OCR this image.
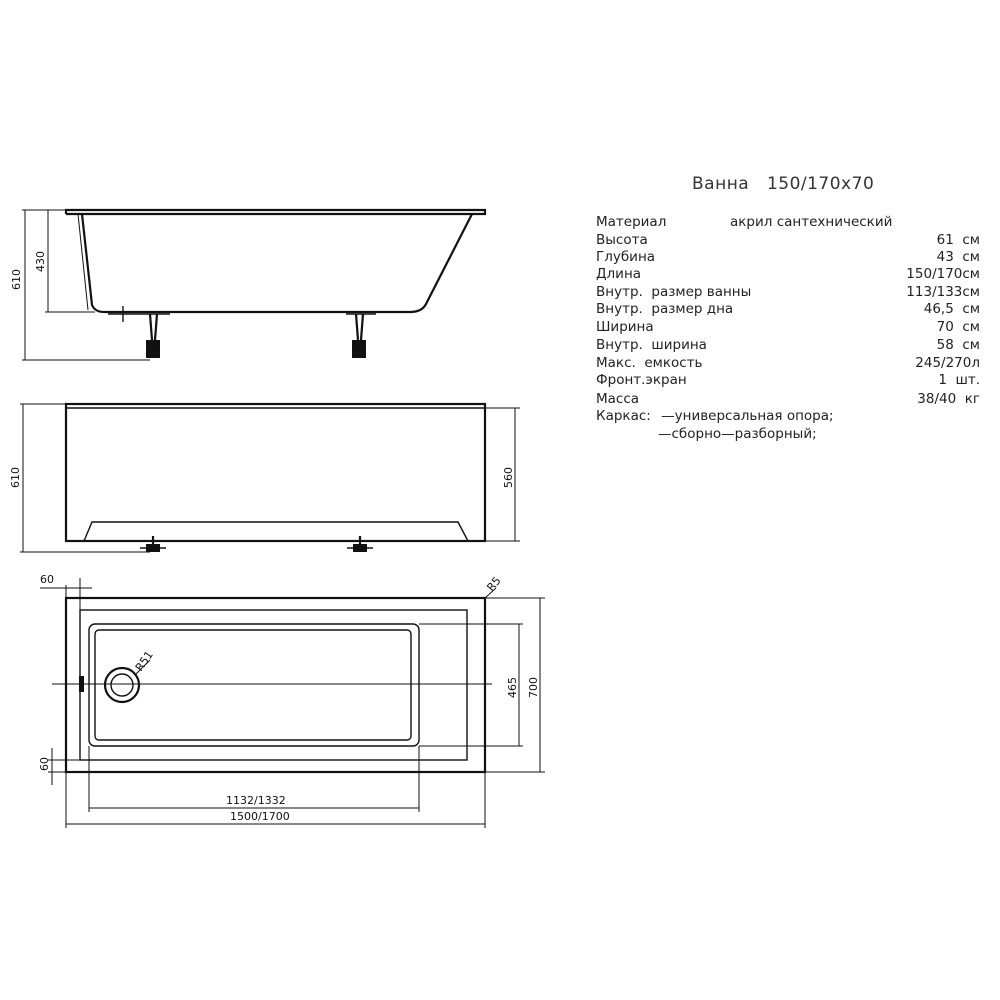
610
430
610	560
R51
R5
60
60
465 700
1132/1332
1500/1700
Ванна   150/170х70
Материал	акрил сантехнический
Высота	61  см
Глубина	43  см
Длина	150/170см
Внутр.  размер ванны	113/133см
Внутр.  размер дна	46,5  см
Ширина	70  см
Внутр.  ширина	58  см
Макс.  емкость	245/270л
Фронт.экран	1  шт.
Масса	38/40  кг
Каркас: —универсальная опора;
—сборно—разборный;
